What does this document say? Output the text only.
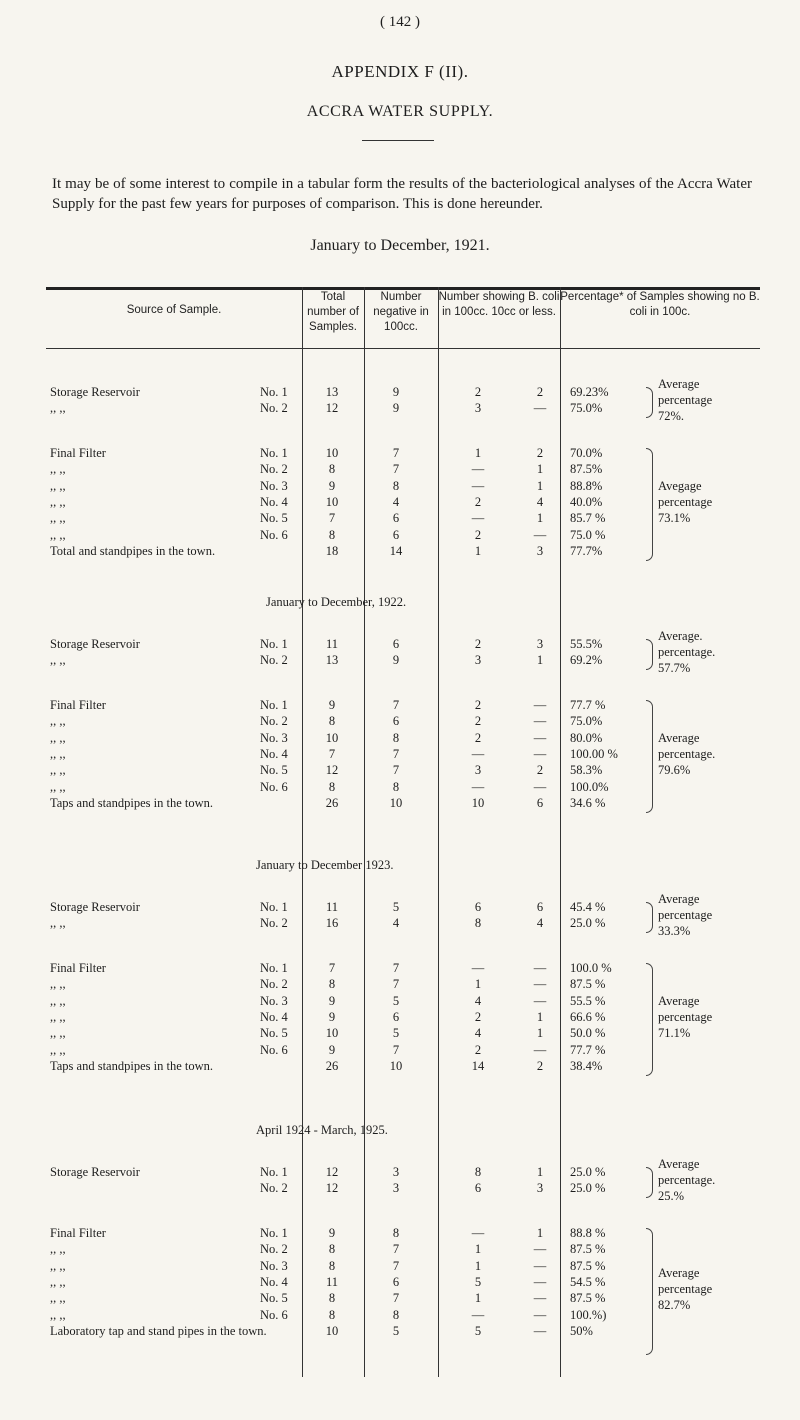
( 142 )
APPENDIX F (II).
ACCRA WATER SUPPLY.
It may be of some interest to compile in a tabular form the results of the bacteriological analyses of the Accra Water Supply for the past few years for purposes of comparison. This is done hereunder.
January to December, 1921.
Source of Sample.
Total number of Samples.
Number negative in 100cc.
Number showing B. coli in 100cc. 10cc or less.
Percentage* of Samples showing no B. coli in 100c.
Storage Reservoir	No. 1	13	9	2	2	69.23%
,, ,,	No. 2	12	9	3	—	75.0%
Average
percentage
72%.
Final Filter	No. 1	10	7	1	2	70.0%
,, ,,	No. 2	8	7	—	1	87.5%
,, ,,	No. 3	9	8	—	1	88.8%
,, ,,	No. 4	10	4	2	4	40.0%
,, ,,	No. 5	7	6	—	1	85.7 %
,, ,,	No. 6	8	6	2	—	75.0 %
Total and standpipes in the town.	18	14	1	3	77.7%
Avegage
percentage
73.1%
January to December, 1922.
Storage Reservoir	No. 1	11	6	2	3	55.5%
,, ,,	No. 2	13	9	3	1	69.2%
Average.
percentage.
57.7%
Final Filter	No. 1	9	7	2	—	77.7 %
,, ,,	No. 2	8	6	2	—	75.0%
,, ,,	No. 3	10	8	2	—	80.0%
,, ,,	No. 4	7	7	—	—	100.00 %
,, ,,	No. 5	12	7	3	2	58.3%
,, ,,	No. 6	8	8	—	—	100.0%
Taps and standpipes in the town.	26	10	10	6	34.6 %
Average
percentage.
79.6%
January to December 1923.
Storage Reservoir	No. 1	11	5	6	6	45.4 %
,, ,,	No. 2	16	4	8	4	25.0 %
Average
percentage
33.3%
Final Filter	No. 1	7	7	—	—	100.0 %
,, ,,	No. 2	8	7	1	—	87.5 %
,, ,,	No. 3	9	5	4	—	55.5 %
,, ,,	No. 4	9	6	2	1	66.6 %
,, ,,	No. 5	10	5	4	1	50.0 %
,, ,,	No. 6	9	7	2	—	77.7 %
Taps and standpipes in the town.	26	10	14	2	38.4%
Average
percentage
71.1%
April 1924 - March, 1925.
Storage Reservoir	No. 1	12	3	8	1	25.0 %
No. 2	12	3	6	3	25.0 %
Average
percentage.
25.%
Final Filter	No. 1	9	8	—	1	88.8 %
,, ,,	No. 2	8	7	1	—	87.5 %
,, ,,	No. 3	8	7	1	—	87.5 %
,, ,,	No. 4	11	6	5	—	54.5 %
,, ,,	No. 5	8	7	1	—	87.5 %
,, ,,	No. 6	8	8	—	—	100.%)
Laboratory tap and stand pipes in the town.	10	5	5	—	50%
Average
percentage
82.7%
